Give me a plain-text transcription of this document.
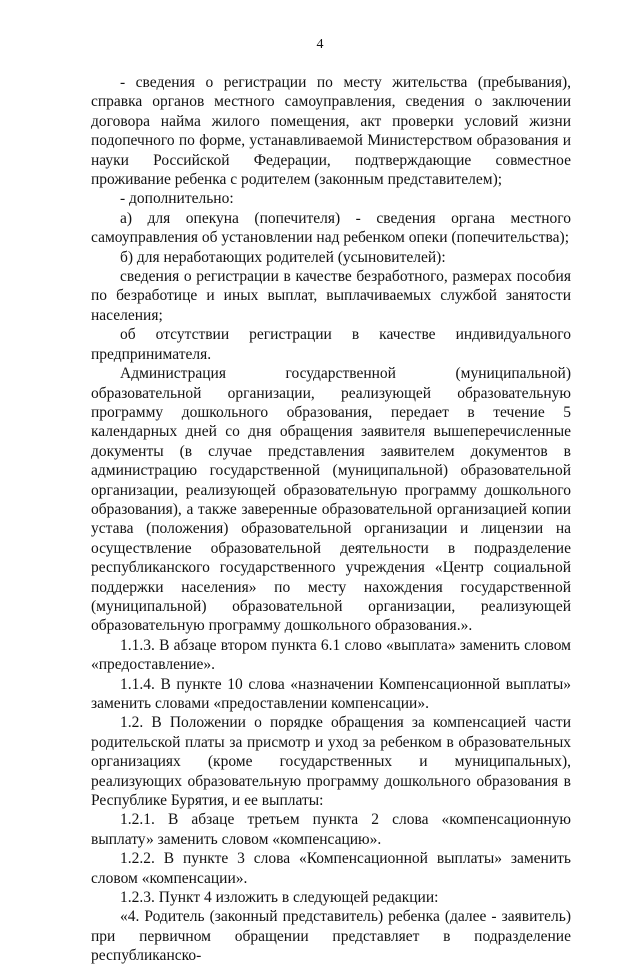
4

- сведения о регистрации по месту жительства (пребывания), справка органов местного самоуправления, сведения о заключении договора найма жилого помещения, акт проверки условий жизни подопечного по форме, устанавливаемой Министерством образования и науки Российской Федерации, подтверждающие совместное проживание ребенка с родителем (законным представителем);

- дополнительно:

а) для опекуна (попечителя) - сведения органа местного самоуправления об установлении над ребенком опеки (попечительства);

б) для неработающих родителей (усыновителей):

сведения о регистрации в качестве безработного, размерах пособия по безработице и иных выплат, выплачиваемых службой занятости населения;

об отсутствии регистрации в качестве индивидуального предпринимателя.

Администрация государственной (муниципальной) образовательной организации, реализующей образовательную программу дошкольного образования, передает в течение 5 календарных дней со дня обращения заявителя вышеперечисленные документы (в случае представления заявителем документов в администрацию государственной (муниципальной) образовательной организации, реализующей образовательную программу дошкольного образования), а также заверенные образовательной организацией копии устава (положения) образовательной организации и лицензии на осуществление образовательной деятельности в подразделение республиканского государственного учреждения «Центр социальной поддержки населения» по месту нахождения государственной (муниципальной) образовательной организации, реализующей образовательную программу дошкольного образования.».

1.1.3. В абзаце втором пункта 6.1 слово «выплата» заменить словом «предоставление».

1.1.4. В пункте 10 слова «назначении Компенсационной выплаты» заменить словами «предоставлении компенсации».

1.2. В Положении о порядке обращения за компенсацией части родительской платы за присмотр и уход за ребенком в образовательных организациях (кроме государственных и муниципальных), реализующих образовательную программу дошкольного образования в Республике Бурятия, и ее выплаты:

1.2.1. В абзаце третьем пункта 2 слова «компенсационную выплату» заменить словом «компенсацию».

1.2.2. В пункте 3 слова «Компенсационной выплаты» заменить словом «компенсации».

1.2.3. Пункт 4 изложить в следующей редакции:

«4. Родитель (законный представитель) ребенка (далее - заявитель) при первичном обращении представляет в подразделение республиканско-
